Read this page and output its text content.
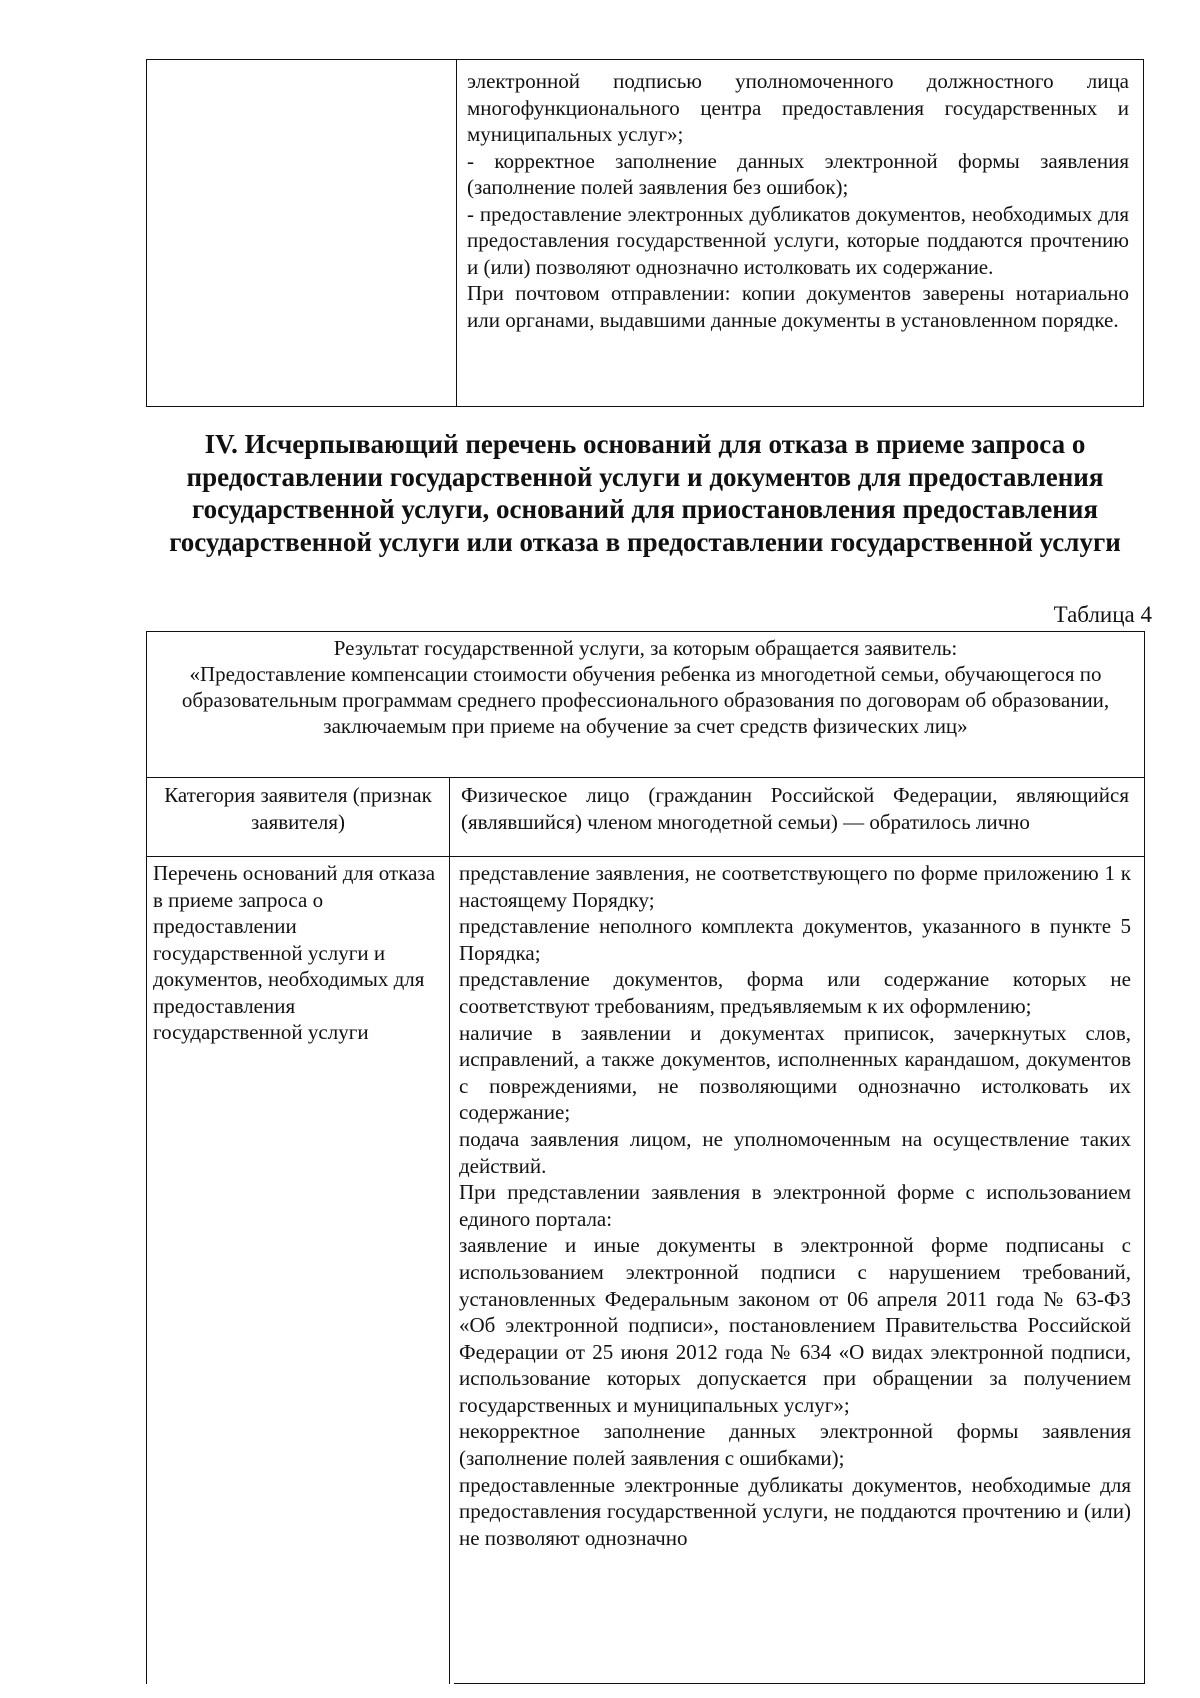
электронной подписью уполномоченного должностного лица многофункционального центра предоставления государственных и муниципальных услуг»;

- корректное заполнение данных электронной формы заявления (заполнение полей заявления без ошибок);

- предоставление электронных дубликатов документов, необходимых для предоставления государственной услуги, которые поддаются прочтению и (или) позволяют однозначно истолковать их содержание.

При почтовом отправлении: копии документов заверены нотариально или органами, выдавшими данные документы в установленном порядке.

IV. Исчерпывающий перечень оснований для отказа в приеме запроса о предоставлении государственной услуги и документов для предоставления государственной услуги, оснований для приостановления предоставления государственной услуги или отказа в предоставлении государственной услуги

Таблица 4

Результат государственной услуги, за которым обращается заявитель:
«Предоставление компенсации стоимости обучения ребенка из многодетной семьи, обучающегося по образовательным программам среднего профессионального образования по договорам об образовании, заключаемым при приеме на обучение за счет средств физических лиц»
Категория заявителя (признак заявителя)

Физическое лицо (гражданин Российской Федерации, являющийся (являвшийся) членом многодетной семьи) — обратилось лично

Перечень оснований для отказа в приеме запроса о предоставлении государственной услуги и документов, необходимых для предоставления государственной услуги

представление заявления, не соответствующего по форме приложению 1 к настоящему Порядку;

представление неполного комплекта документов, указанного в пункте 5 Порядка;

представление документов, форма или содержание которых не соответствуют требованиям, предъявляемым к их оформлению;

наличие в заявлении и документах приписок, зачеркнутых слов, исправлений, а также документов, исполненных карандашом, документов с повреждениями, не позволяющими однозначно истолковать их содержание;

подача заявления лицом, не уполномоченным на осуществление таких действий.

При представлении заявления в электронной форме с использованием единого портала:

заявление и иные документы в электронной форме подписаны с использованием электронной подписи с нарушением требований, установленных Федеральным законом от 06 апреля 2011 года № 63-ФЗ «Об электронной подписи», постановлением Правительства Российской Федерации от 25 июня 2012 года № 634 «О видах электронной подписи, использование которых допускается при обращении за получением государственных и муниципальных услуг»;

некорректное заполнение данных электронной формы заявления (заполнение полей заявления с ошибками);

предоставленные электронные дубликаты документов, необходимые для предоставления государственной услуги, не поддаются прочтению и (или) не позволяют однозначно
